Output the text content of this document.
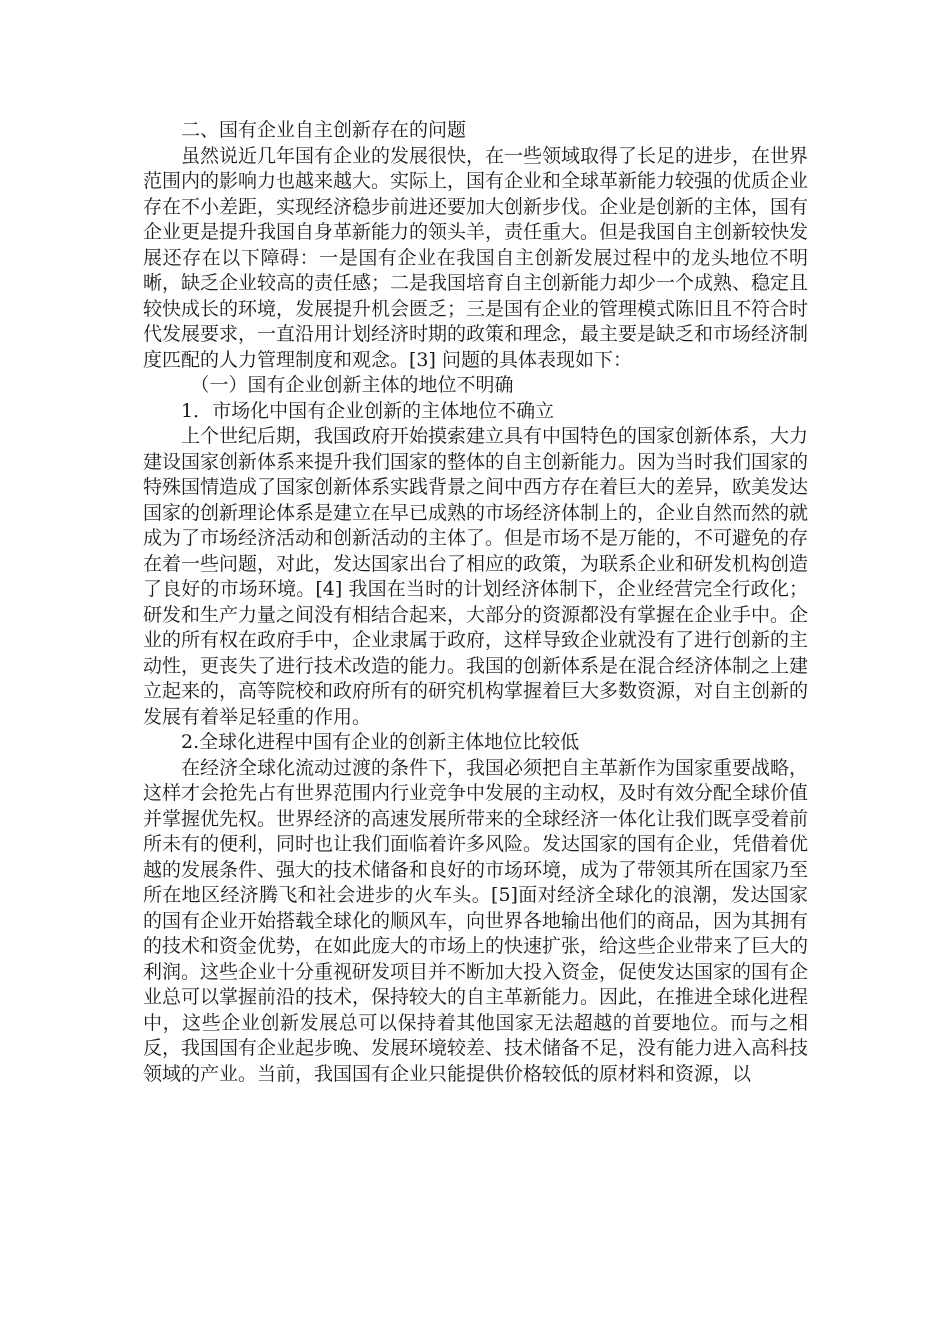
二、国有企业自主创新存在的问题

虽然说近几年国有企业的发展很快，在一些领域取得了长足的进步，在世界范围内的影响力也越来越大。实际上，国有企业和全球革新能力较强的优质企业存在不小差距，实现经济稳步前进还要加大创新步伐。企业是创新的主体，国有企业更是提升我国自身革新能力的领头羊，责任重大。但是我国自主创新较快发展还存在以下障碍：一是国有企业在我国自主创新发展过程中的龙头地位不明晰，缺乏企业较高的责任感；二是我国培育自主创新能力却少一个成熟、稳定且较快成长的环境，发展提升机会匮乏；三是国有企业的管理模式陈旧且不符合时代发展要求，一直沿用计划经济时期的政策和理念，最主要是缺乏和市场经济制度匹配的人力管理制度和观念。[3] 问题的具体表现如下：

（一）国有企业创新主体的地位不明确

1．市场化中国有企业创新的主体地位不确立

上个世纪后期，我国政府开始摸索建立具有中国特色的国家创新体系，大力建设国家创新体系来提升我们国家的整体的自主创新能力。因为当时我们国家的特殊国情造成了国家创新体系实践背景之间中西方存在着巨大的差异，欧美发达国家的创新理论体系是建立在早已成熟的市场经济体制上的，企业自然而然的就成为了市场经济活动和创新活动的主体了。但是市场不是万能的，不可避免的存在着一些问题，对此，发达国家出台了相应的政策，为联系企业和研发机构创造了良好的市场环境。[4] 我国在当时的计划经济体制下，企业经营完全行政化；研发和生产力量之间没有相结合起来，大部分的资源都没有掌握在企业手中。企业的所有权在政府手中，企业隶属于政府，这样导致企业就没有了进行创新的主动性，更丧失了进行技术改造的能力。我国的创新体系是在混合经济体制之上建立起来的，高等院校和政府所有的研究机构掌握着巨大多数资源，对自主创新的发展有着举足轻重的作用。

2.全球化进程中国有企业的创新主体地位比较低

在经济全球化流动过渡的条件下，我国必须把自主革新作为国家重要战略，这样才会抢先占有世界范围内行业竞争中发展的主动权，及时有效分配全球价值并掌握优先权。世界经济的高速发展所带来的全球经济一体化让我们既享受着前所未有的便利，同时也让我们面临着许多风险。发达国家的国有企业，凭借着优越的发展条件、强大的技术储备和良好的市场环境，成为了带领其所在国家乃至所在地区经济腾飞和社会进步的火车头。[5]面对经济全球化的浪潮，发达国家的国有企业开始搭载全球化的顺风车，向世界各地输出他们的商品，因为其拥有的技术和资金优势，在如此庞大的市场上的快速扩张，给这些企业带来了巨大的利润。这些企业十分重视研发项目并不断加大投入资金，促使发达国家的国有企业总可以掌握前沿的技术，保持较大的自主革新能力。因此，在推进全球化进程中，这些企业创新发展总可以保持着其他国家无法超越的首要地位。而与之相反，我国国有企业起步晚、发展环境较差、技术储备不足，没有能力进入高科技领域的产业。当前，我国国有企业只能提供价格较低的原材料和资源，以
